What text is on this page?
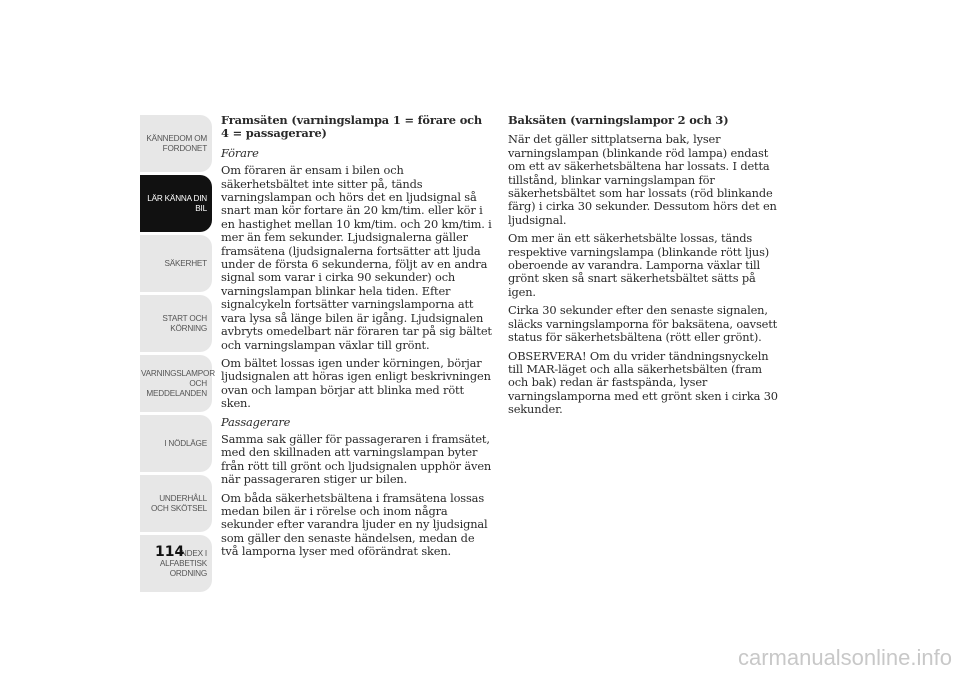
KÄNNEDOM OM FORDONET
LÄR KÄNNA DIN BIL
SÄKERHET
START OCH KÖRNING
VARNINGSLAMPOR OCH MEDDELANDEN
I NÖDLÄGE
UNDERHÅLL OCH SKÖTSEL
INDEX I ALFABETISK ORDNING
114
Framsäten (varningslampa 1 = förare och 4 = passagerare)

Förare

Om föraren är ensam i bilen och säkerhetsbältet inte sitter på, tänds varningslampan och hörs det en ljudsignal så snart man kör fortare än 20 km/tim. eller kör i en hastighet mellan 10 km/tim. och 20 km/tim. i mer än fem sekunder. Ljudsignalerna gäller framsätena (ljudsignalerna fortsätter att ljuda under de första 6 sekunderna, följt av en andra signal som varar i cirka 90 sekunder) och varningslampan blinkar hela tiden. Efter signalcykeln fortsätter varningslamporna att vara lysa så länge bilen är igång. Ljudsignalen avbryts omedelbart när föraren tar på sig bältet och varningslampan växlar till grönt.

Om bältet lossas igen under körningen, börjar ljudsignalen att höras igen enligt beskrivningen ovan och lampan börjar att blinka med rött sken.

Passagerare

Samma sak gäller för passageraren i framsätet, med den skillnaden att varningslampan byter från rött till grönt och ljudsignalen upphör även när passageraren stiger ur bilen.

Om båda säkerhetsbältena i framsätena lossas medan bilen är i rörelse och inom några sekunder efter varandra ljuder en ny ljudsignal som gäller den senaste händelsen, medan de två lamporna lyser med oförändrat sken.

Baksäten (varningslampor 2 och 3)

När det gäller sittplatserna bak, lyser varningslampan (blinkande röd lampa) endast om ett av säkerhetsbältena har lossats. I detta tillstånd, blinkar varningslampan för säkerhetsbältet som har lossats (röd blinkande färg) i cirka 30 sekunder. Dessutom hörs det en ljudsignal.

Om mer än ett säkerhetsbälte lossas, tänds respektive varningslampa (blinkande rött ljus) oberoende av varandra. Lamporna växlar till grönt sken så snart säkerhetsbältet sätts på igen.

Cirka 30 sekunder efter den senaste signalen, släcks varningslamporna för baksätena, oavsett status för säkerhetsbältena (rött eller grönt).

OBSERVERA! Om du vrider tändningsnyckeln till MAR-läget och alla säkerhetsbälten (fram och bak) redan är fastspända, lyser varningslamporna med ett grönt sken i cirka 30 sekunder.

carmanualsonline.info
